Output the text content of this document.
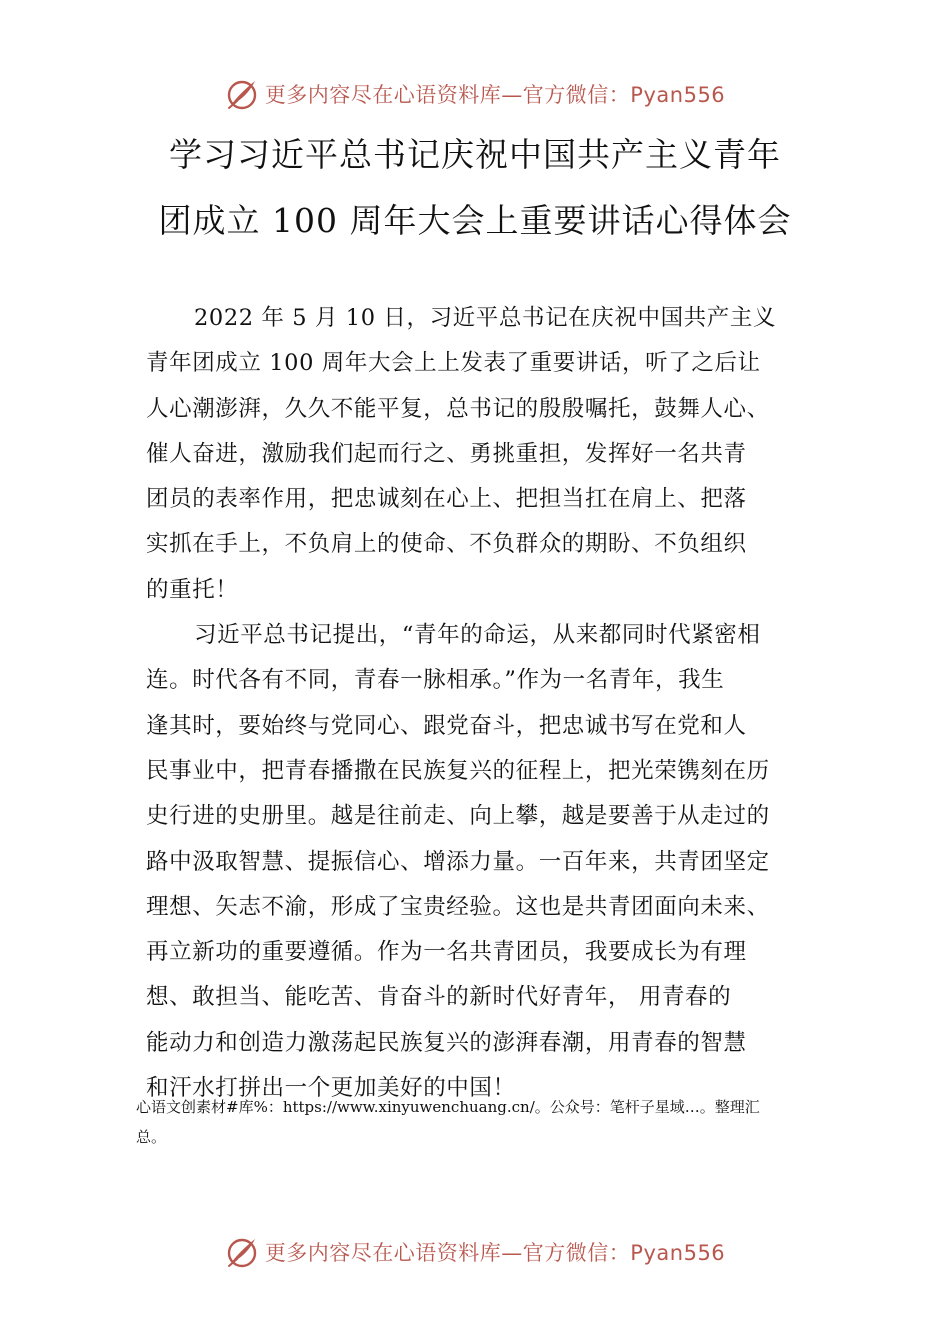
更多内容尽在心语资料库—官方微信：Pyan556
学习习近平总书记庆祝中国共产主义青年
团成立 100 周年大会上重要讲话心得体会
2022 年 5 月 10 日，习近平总书记在庆祝中国共产主义
青年团成立 100 周年大会上上发表了重要讲话，听了之后让
人心潮澎湃，久久不能平复，总书记的殷殷嘱托，鼓舞人心、
催人奋进，激励我们起而行之、勇挑重担，发挥好一名共青
团员的表率作用，把忠诚刻在心上、把担当扛在肩上、把落
实抓在手上，不负肩上的使命、不负群众的期盼、不负组织
的重托！
习近平总书记提出，“青年的命运，从来都同时代紧密相
连。时代各有不同，青春一脉相承。”作为一名青年，我生
逢其时，要始终与党同心、跟党奋斗，把忠诚书写在党和人
民事业中，把青春播撒在民族复兴的征程上，把光荣镌刻在历
史行进的史册里。越是往前走、向上攀，越是要善于从走过的
路中汲取智慧、提振信心、增添力量。一百年来，共青团坚定
理想、矢志不渝，形成了宝贵经验。这也是共青团面向未来、
再立新功的重要遵循。作为一名共青团员，我要成长为有理
想、敢担当、能吃苦、肯奋斗的新时代好青年， 用青春的
能动力和创造力激荡起民族复兴的澎湃春潮，用青春的智慧
和汗水打拼出一个更加美好的中国！
心语文创素材#库%：https://www.xinyuwenchuang.cn/。公众号：笔杆子星域…。整理汇
总。
更多内容尽在心语资料库—官方微信：Pyan556
